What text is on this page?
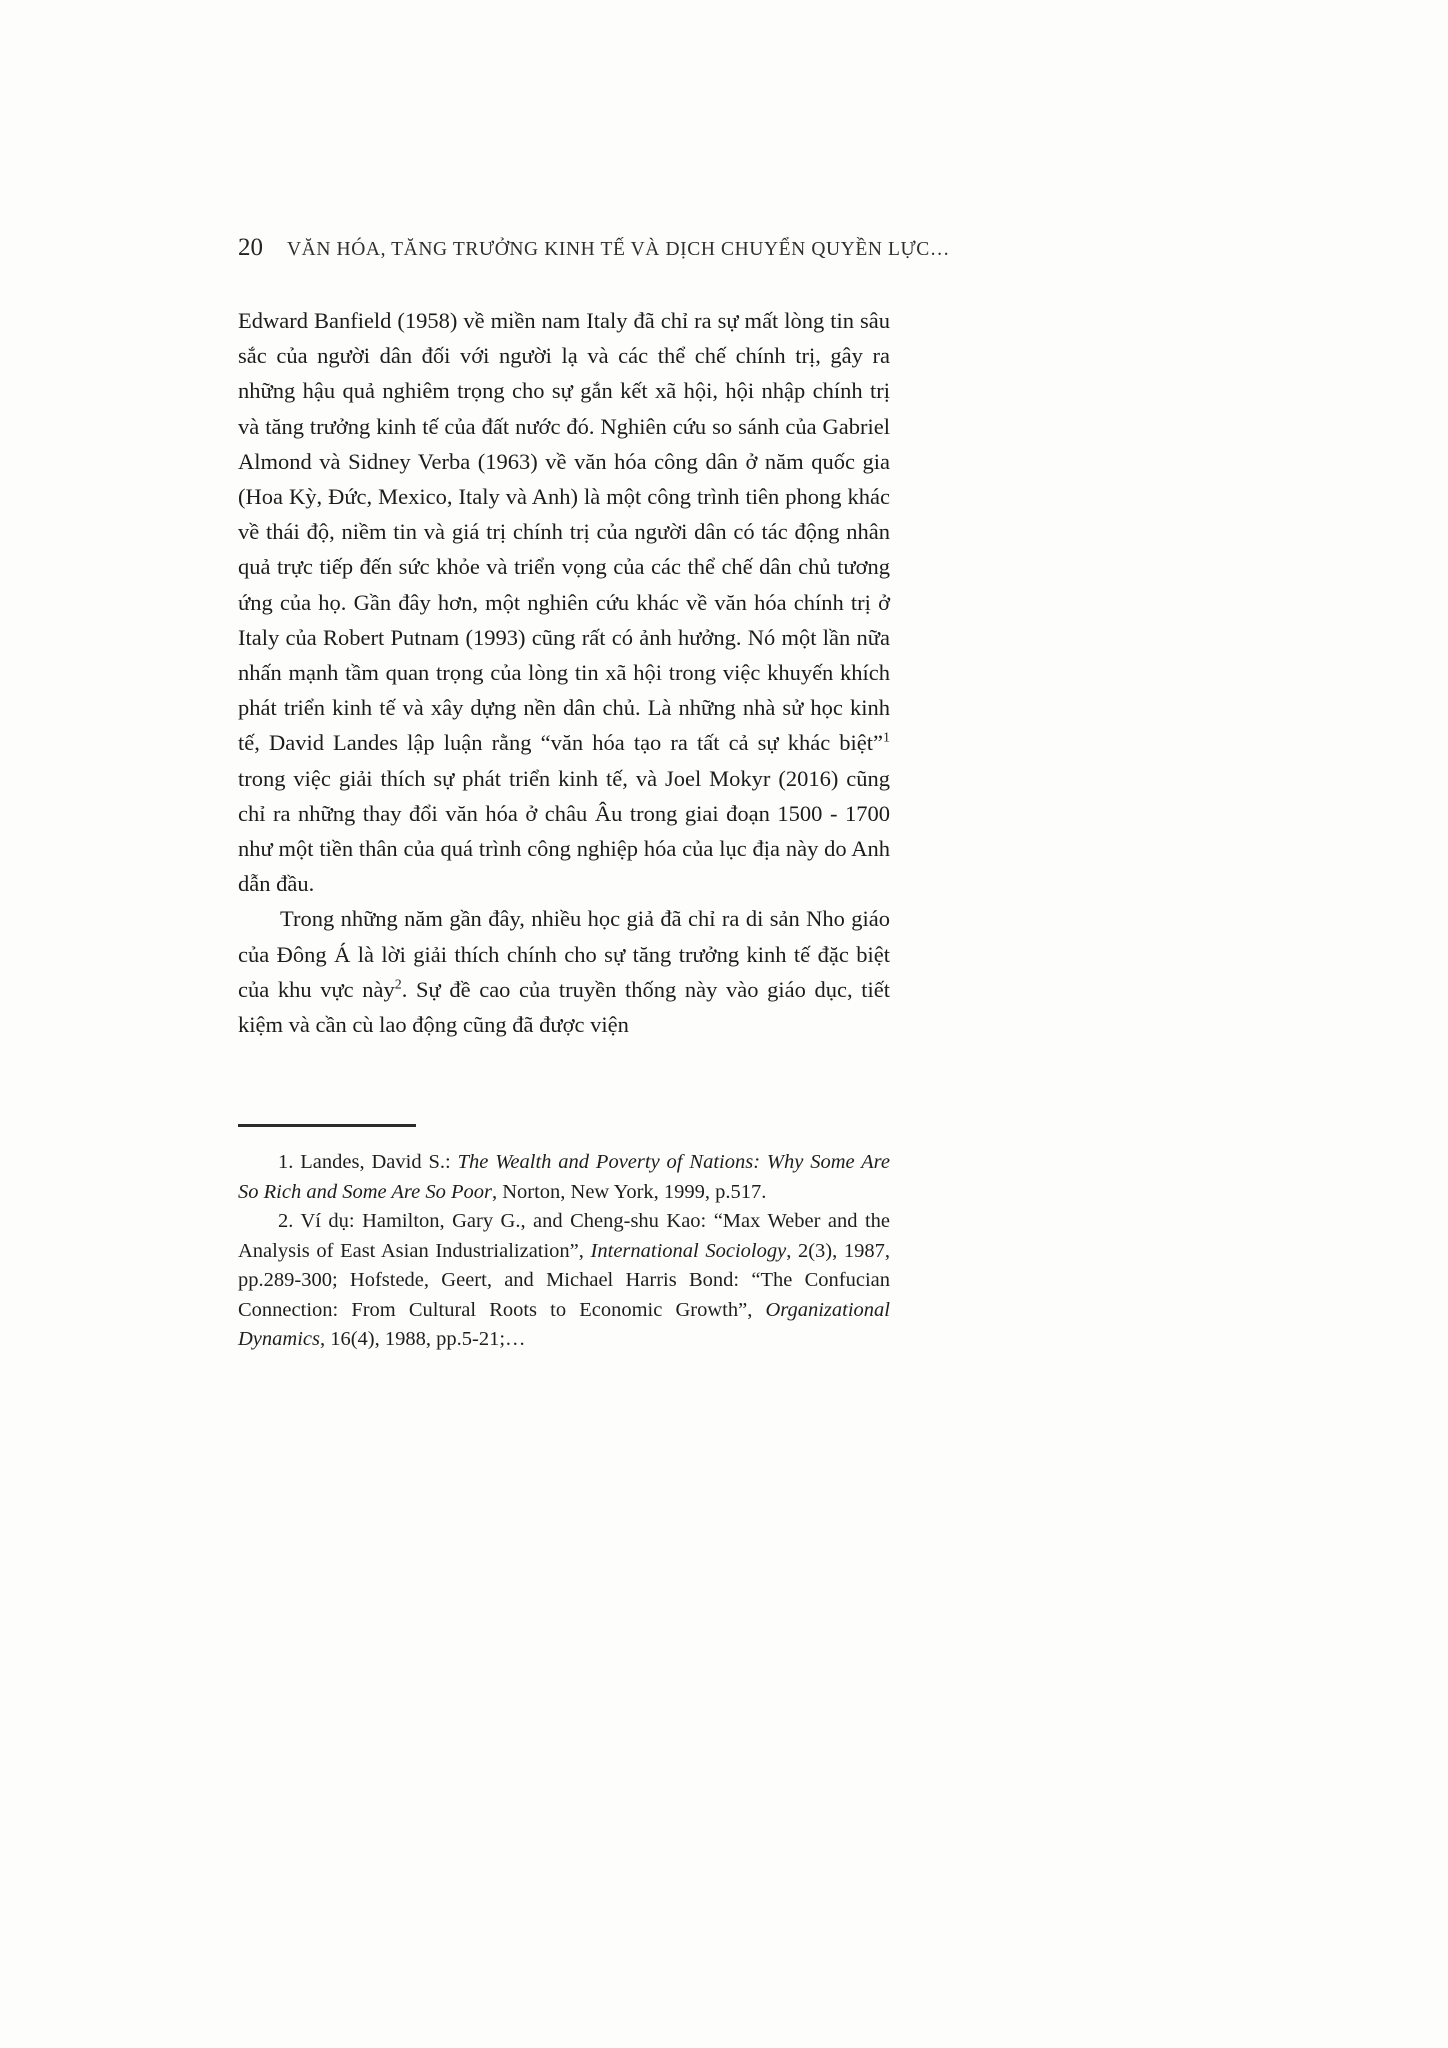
20 VĂN HÓA, TĂNG TRƯỞNG KINH TẾ VÀ DỊCH CHUYỂN QUYỀN LỰC…

Edward Banfield (1958) về miền nam Italy đã chỉ ra sự mất lòng tin sâu sắc của người dân đối với người lạ và các thể chế chính trị, gây ra những hậu quả nghiêm trọng cho sự gắn kết xã hội, hội nhập chính trị và tăng trưởng kinh tế của đất nước đó. Nghiên cứu so sánh của Gabriel Almond và Sidney Verba (1963) về văn hóa công dân ở năm quốc gia (Hoa Kỳ, Đức, Mexico, Italy và Anh) là một công trình tiên phong khác về thái độ, niềm tin và giá trị chính trị của người dân có tác động nhân quả trực tiếp đến sức khỏe và triển vọng của các thể chế dân chủ tương ứng của họ. Gần đây hơn, một nghiên cứu khác về văn hóa chính trị ở Italy của Robert Putnam (1993) cũng rất có ảnh hưởng. Nó một lần nữa nhấn mạnh tầm quan trọng của lòng tin xã hội trong việc khuyến khích phát triển kinh tế và xây dựng nền dân chủ. Là những nhà sử học kinh tế, David Landes lập luận rằng “văn hóa tạo ra tất cả sự khác biệt”$^1$ trong việc giải thích sự phát triển kinh tế, và Joel Mokyr (2016) cũng chỉ ra những thay đổi văn hóa ở châu Âu trong giai đoạn 1500 - 1700 như một tiền thân của quá trình công nghiệp hóa của lục địa này do Anh dẫn đầu.

Trong những năm gần đây, nhiều học giả đã chỉ ra di sản Nho giáo của Đông Á là lời giải thích chính cho sự tăng trưởng kinh tế đặc biệt của khu vực này$^2$. Sự đề cao của truyền thống này vào giáo dục, tiết kiệm và cần cù lao động cũng đã được viện

1. Landes, David S.: The Wealth and Poverty of Nations: Why Some Are So Rich and Some Are So Poor, Norton, New York, 1999, p.517.

2. Ví dụ: Hamilton, Gary G., and Cheng-shu Kao: “Max Weber and the Analysis of East Asian Industrialization”, International Sociology, 2(3), 1987, pp.289-300; Hofstede, Geert, and Michael Harris Bond: “The Confucian Connection: From Cultural Roots to Economic Growth”, Organizational Dynamics, 16(4), 1988, pp.5-21;…
